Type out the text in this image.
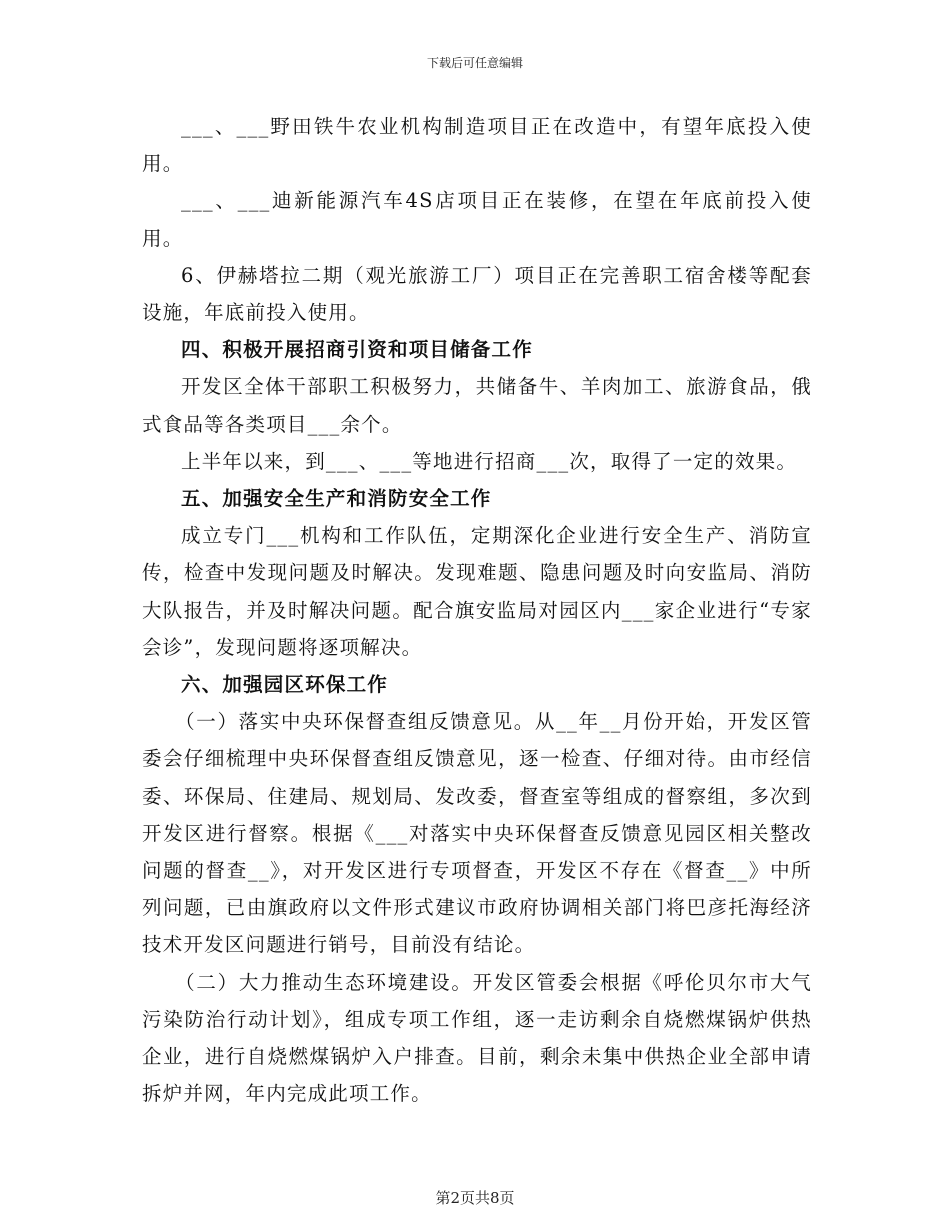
下载后可任意编辑

___、___野田铁牛农业机构制造项目正在改造中，有望年底投入使用。

___、___迪新能源汽车4S店项目正在装修，在望在年底前投入使用。

6、伊赫塔拉二期（观光旅游工厂）项目正在完善职工宿舍楼等配套设施，年底前投入使用。

四、积极开展招商引资和项目储备工作

开发区全体干部职工积极努力，共储备牛、羊肉加工、旅游食品，俄式食品等各类项目___余个。

上半年以来，到___、___等地进行招商___次，取得了一定的效果。

五、加强安全生产和消防安全工作

成立专门___机构和工作队伍，定期深化企业进行安全生产、消防宣传，检查中发现问题及时解决。发现难题、隐患问题及时向安监局、消防大队报告，并及时解决问题。配合旗安监局对园区内___家企业进行“专家会诊”，发现问题将逐项解决。

六、加强园区环保工作

（一）落实中央环保督查组反馈意见。从__年__月份开始，开发区管委会仔细梳理中央环保督查组反馈意见，逐一检查、仔细对待。由市经信委、环保局、住建局、规划局、发改委，督查室等组成的督察组，多次到开发区进行督察。根据《___对落实中央环保督查反馈意见园区相关整改问题的督查__》，对开发区进行专项督查，开发区不存在《督查__》中所列问题，已由旗政府以文件形式建议市政府协调相关部门将巴彦托海经济技术开发区问题进行销号，目前没有结论。

（二）大力推动生态环境建设。开发区管委会根据《呼伦贝尔市大气污染防治行动计划》，组成专项工作组，逐一走访剩余自烧燃煤锅炉供热企业，进行自烧燃煤锅炉入户排查。目前，剩余未集中供热企业全部申请拆炉并网，年内完成此项工作。

第2页共8页
